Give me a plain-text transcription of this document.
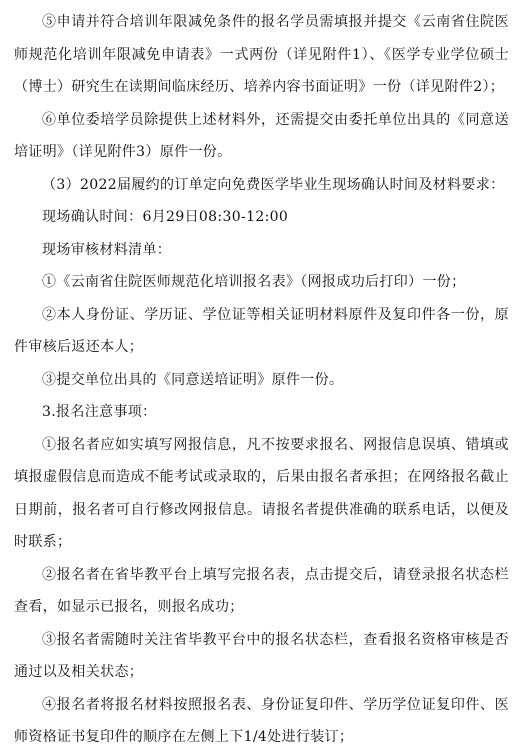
⑤申请并符合培训年限减免条件的报名学员需填报并提交《云南省住院医师规范化培训年限减免申请表》一式两份（详见附件1）、《医学专业学位硕士（博士）研究生在读期间临床经历、培养内容书面证明》一份（详见附件2）；

⑥单位委培学员除提供上述材料外，还需提交由委托单位出具的《同意送培证明》（详见附件3）原件一份。

（3）2022届履约的订单定向免费医学毕业生现场确认时间及材料要求：

现场确认时间：6月29日08:30-12:00

现场审核材料清单：

①《云南省住院医师规范化培训报名表》（网报成功后打印）一份；

②本人身份证、学历证、学位证等相关证明材料原件及复印件各一份，原件审核后返还本人；

③提交单位出具的《同意送培证明》原件一份。

3.报名注意事项：

①报名者应如实填写网报信息，凡不按要求报名、网报信息误填、错填或填报虚假信息而造成不能考试或录取的，后果由报名者承担；在网络报名截止日期前，报名者可自行修改网报信息。请报名者提供准确的联系电话，以便及时联系；

②报名者在省毕教平台上填写完报名表，点击提交后，请登录报名状态栏查看，如显示已报名，则报名成功；

③报名者需随时关注省毕教平台中的报名状态栏，查看报名资格审核是否通过以及相关状态；

④报名者将报名材料按照报名表、身份证复印件、学历学位证复印件、医师资格证书复印件的顺序在左侧上下1/4处进行装订；
